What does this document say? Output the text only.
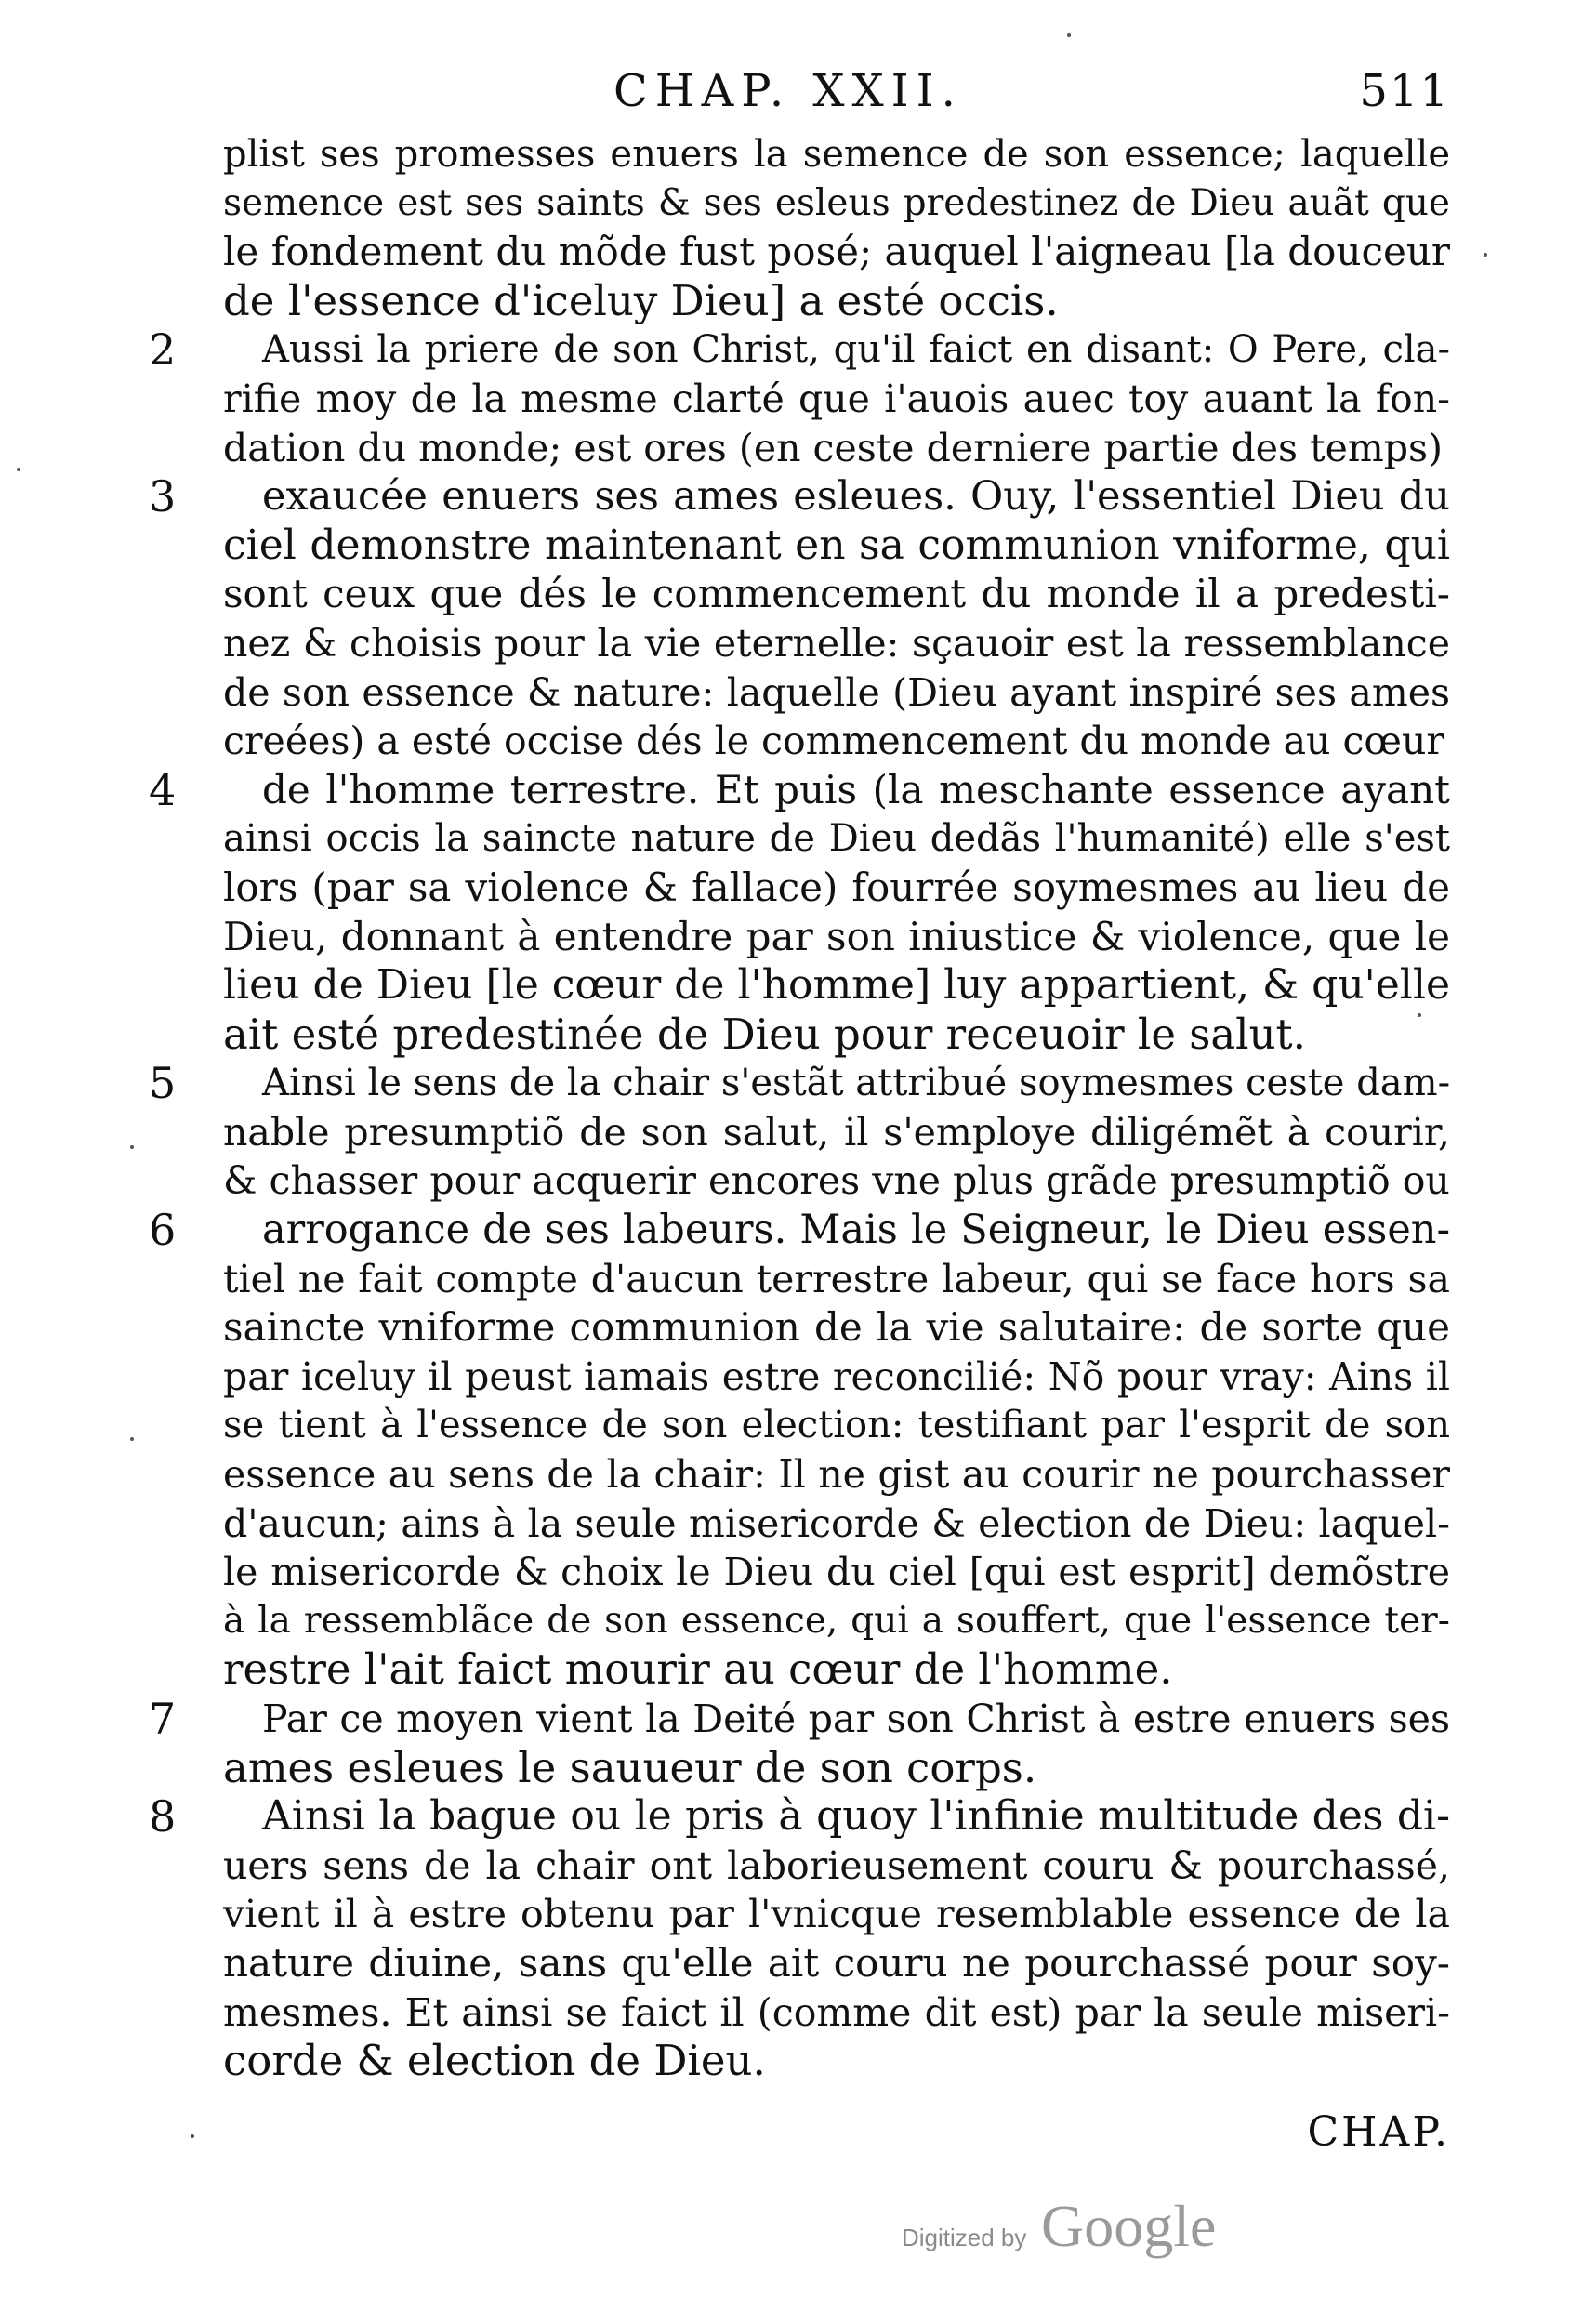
CHAP. XXII.	511
plist ses promesses enuers la semence de son essence; laquelle
semence est ses saints & ses esleus predestinez de Dieu auãt que
le fondement du mõde fust posé; auquel l'aigneau [la douceur
de l'essence d'iceluy Dieu] a esté occis.
2	Aussi la priere de son Christ, qu'il faict en disant: O Pere, cla-
rifie moy de la mesme clarté que i'auois auec toy auant la fon-
dation du monde; est ores (en ceste derniere partie des temps)
3	exaucée enuers ses ames esleues. Ouy, l'essentiel Dieu du
ciel demonstre maintenant en sa communion vniforme, qui
sont ceux que dés le commencement du monde il a predesti-
nez & choisis pour la vie eternelle: sçauoir est la ressemblance
de son essence & nature: laquelle (Dieu ayant inspiré ses ames
creées) a esté occise dés le commencement du monde au cœur
4	de l'homme terrestre. Et puis (la meschante essence ayant
ainsi occis la saincte nature de Dieu dedãs l'humanité) elle s'est
lors (par sa violence & fallace) fourrée soymesmes au lieu de
Dieu, donnant à entendre par son iniustice & violence, que le
lieu de Dieu [le cœur de l'homme] luy appartient, & qu'elle
ait esté predestinée de Dieu pour receuoir le salut.
5	Ainsi le sens de la chair s'estãt attribué soymesmes ceste dam-
nable presumptiõ de son salut, il s'employe diligémẽt à courir,
& chasser pour acquerir encores vne plus grãde presumptiõ ou
6	arrogance de ses labeurs. Mais le Seigneur, le Dieu essen-
tiel ne fait compte d'aucun terrestre labeur, qui se face hors sa
saincte vniforme communion de la vie salutaire: de sorte que
par iceluy il peust iamais estre reconcilié: Nõ pour vray: Ains il
se tient à l'essence de son election: testifiant par l'esprit de son
essence au sens de la chair: Il ne gist au courir ne pourchasser
d'aucun; ains à la seule misericorde & election de Dieu: laquel-
le misericorde & choix le Dieu du ciel [qui est esprit] demõstre
à la ressemblãce de son essence, qui a souffert, que l'essence ter-
restre l'ait faict mourir au cœur de l'homme.
7	Par ce moyen vient la Deité par son Christ à estre enuers ses
ames esleues le sauueur de son corps.
8	Ainsi la bague ou le pris à quoy l'infinie multitude des di-
uers sens de la chair ont laborieusement couru & pourchassé,
vient il à estre obtenu par l'vnicque resemblable essence de la
nature diuine, sans qu'elle ait couru ne pourchassé pour soy-
mesmes. Et ainsi se faict il (comme dit est) par la seule miseri-
corde & election de Dieu.
CHAP.
Digitized by Google
